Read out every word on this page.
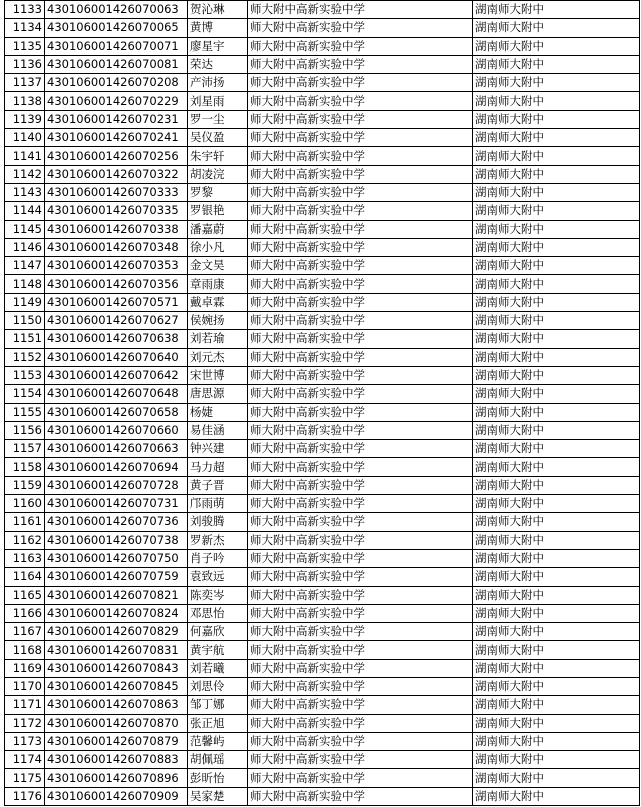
1133	430106001426070063	贺沁琳	师大附中高新实验中学	湖南师大附中
1134	430106001426070065	黄博	师大附中高新实验中学	湖南师大附中
1135	430106001426070071	廖星宇	师大附中高新实验中学	湖南师大附中
1136	430106001426070081	荣达	师大附中高新实验中学	湖南师大附中
1137	430106001426070208	产沛扬	师大附中高新实验中学	湖南师大附中
1138	430106001426070229	刘星雨	师大附中高新实验中学	湖南师大附中
1139	430106001426070231	罗一尘	师大附中高新实验中学	湖南师大附中
1140	430106001426070241	吴仪盈	师大附中高新实验中学	湖南师大附中
1141	430106001426070256	朱宇轩	师大附中高新实验中学	湖南师大附中
1142	430106001426070322	胡凌浣	师大附中高新实验中学	湖南师大附中
1143	430106001426070333	罗黎	师大附中高新实验中学	湖南师大附中
1144	430106001426070335	罗银艳	师大附中高新实验中学	湖南师大附中
1145	430106001426070338	潘嘉蔚	师大附中高新实验中学	湖南师大附中
1146	430106001426070348	徐小凡	师大附中高新实验中学	湖南师大附中
1147	430106001426070353	金文昊	师大附中高新实验中学	湖南师大附中
1148	430106001426070356	章雨康	师大附中高新实验中学	湖南师大附中
1149	430106001426070571	戴卓霖	师大附中高新实验中学	湖南师大附中
1150	430106001426070627	侯婉扬	师大附中高新实验中学	湖南师大附中
1151	430106001426070638	刘若瑜	师大附中高新实验中学	湖南师大附中
1152	430106001426070640	刘元杰	师大附中高新实验中学	湖南师大附中
1153	430106001426070642	宋世博	师大附中高新实验中学	湖南师大附中
1154	430106001426070648	唐思源	师大附中高新实验中学	湖南师大附中
1155	430106001426070658	杨婕	师大附中高新实验中学	湖南师大附中
1156	430106001426070660	易佳涵	师大附中高新实验中学	湖南师大附中
1157	430106001426070663	钟兴建	师大附中高新实验中学	湖南师大附中
1158	430106001426070694	马力超	师大附中高新实验中学	湖南师大附中
1159	430106001426070728	黄子晋	师大附中高新实验中学	湖南师大附中
1160	430106001426070731	邝雨萌	师大附中高新实验中学	湖南师大附中
1161	430106001426070736	刘骏腾	师大附中高新实验中学	湖南师大附中
1162	430106001426070738	罗新杰	师大附中高新实验中学	湖南师大附中
1163	430106001426070750	肖子吟	师大附中高新实验中学	湖南师大附中
1164	430106001426070759	袁致远	师大附中高新实验中学	湖南师大附中
1165	430106001426070821	陈奕岑	师大附中高新实验中学	湖南师大附中
1166	430106001426070824	邓思怡	师大附中高新实验中学	湖南师大附中
1167	430106001426070829	何嘉欣	师大附中高新实验中学	湖南师大附中
1168	430106001426070831	黄宇航	师大附中高新实验中学	湖南师大附中
1169	430106001426070843	刘若曦	师大附中高新实验中学	湖南师大附中
1170	430106001426070845	刘思伶	师大附中高新实验中学	湖南师大附中
1171	430106001426070863	邹丁娜	师大附中高新实验中学	湖南师大附中
1172	430106001426070870	张正旭	师大附中高新实验中学	湖南师大附中
1173	430106001426070879	范馨屿	师大附中高新实验中学	湖南师大附中
1174	430106001426070883	胡佩瑶	师大附中高新实验中学	湖南师大附中
1175	430106001426070896	彭昕怡	师大附中高新实验中学	湖南师大附中
1176	430106001426070909	吴家楚	师大附中高新实验中学	湖南师大附中
